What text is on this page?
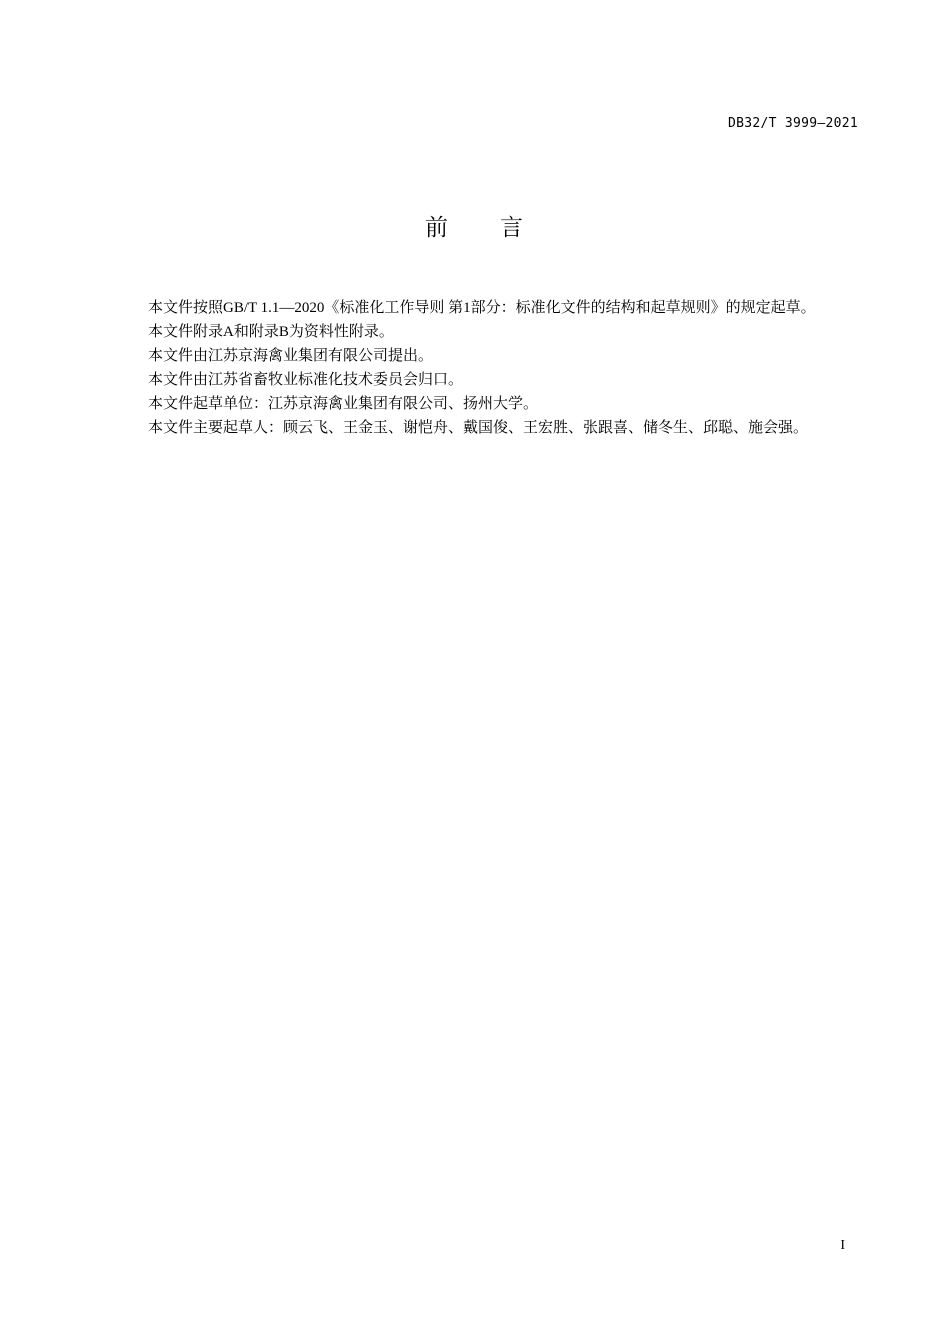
DB32/T 3999—2021
前　　言

本文件按照GB/T 1.1—2020《标准化工作导则 第1部分：标准化文件的结构和起草规则》的规定起草。

本文件附录A和附录B为资料性附录。

本文件由江苏京海禽业集团有限公司提出。

本文件由江苏省畜牧业标准化技术委员会归口。

本文件起草单位：江苏京海禽业集团有限公司、扬州大学。

本文件主要起草人：顾云飞、王金玉、谢恺舟、戴国俊、王宏胜、张跟喜、储冬生、邱聪、施会强。

I
